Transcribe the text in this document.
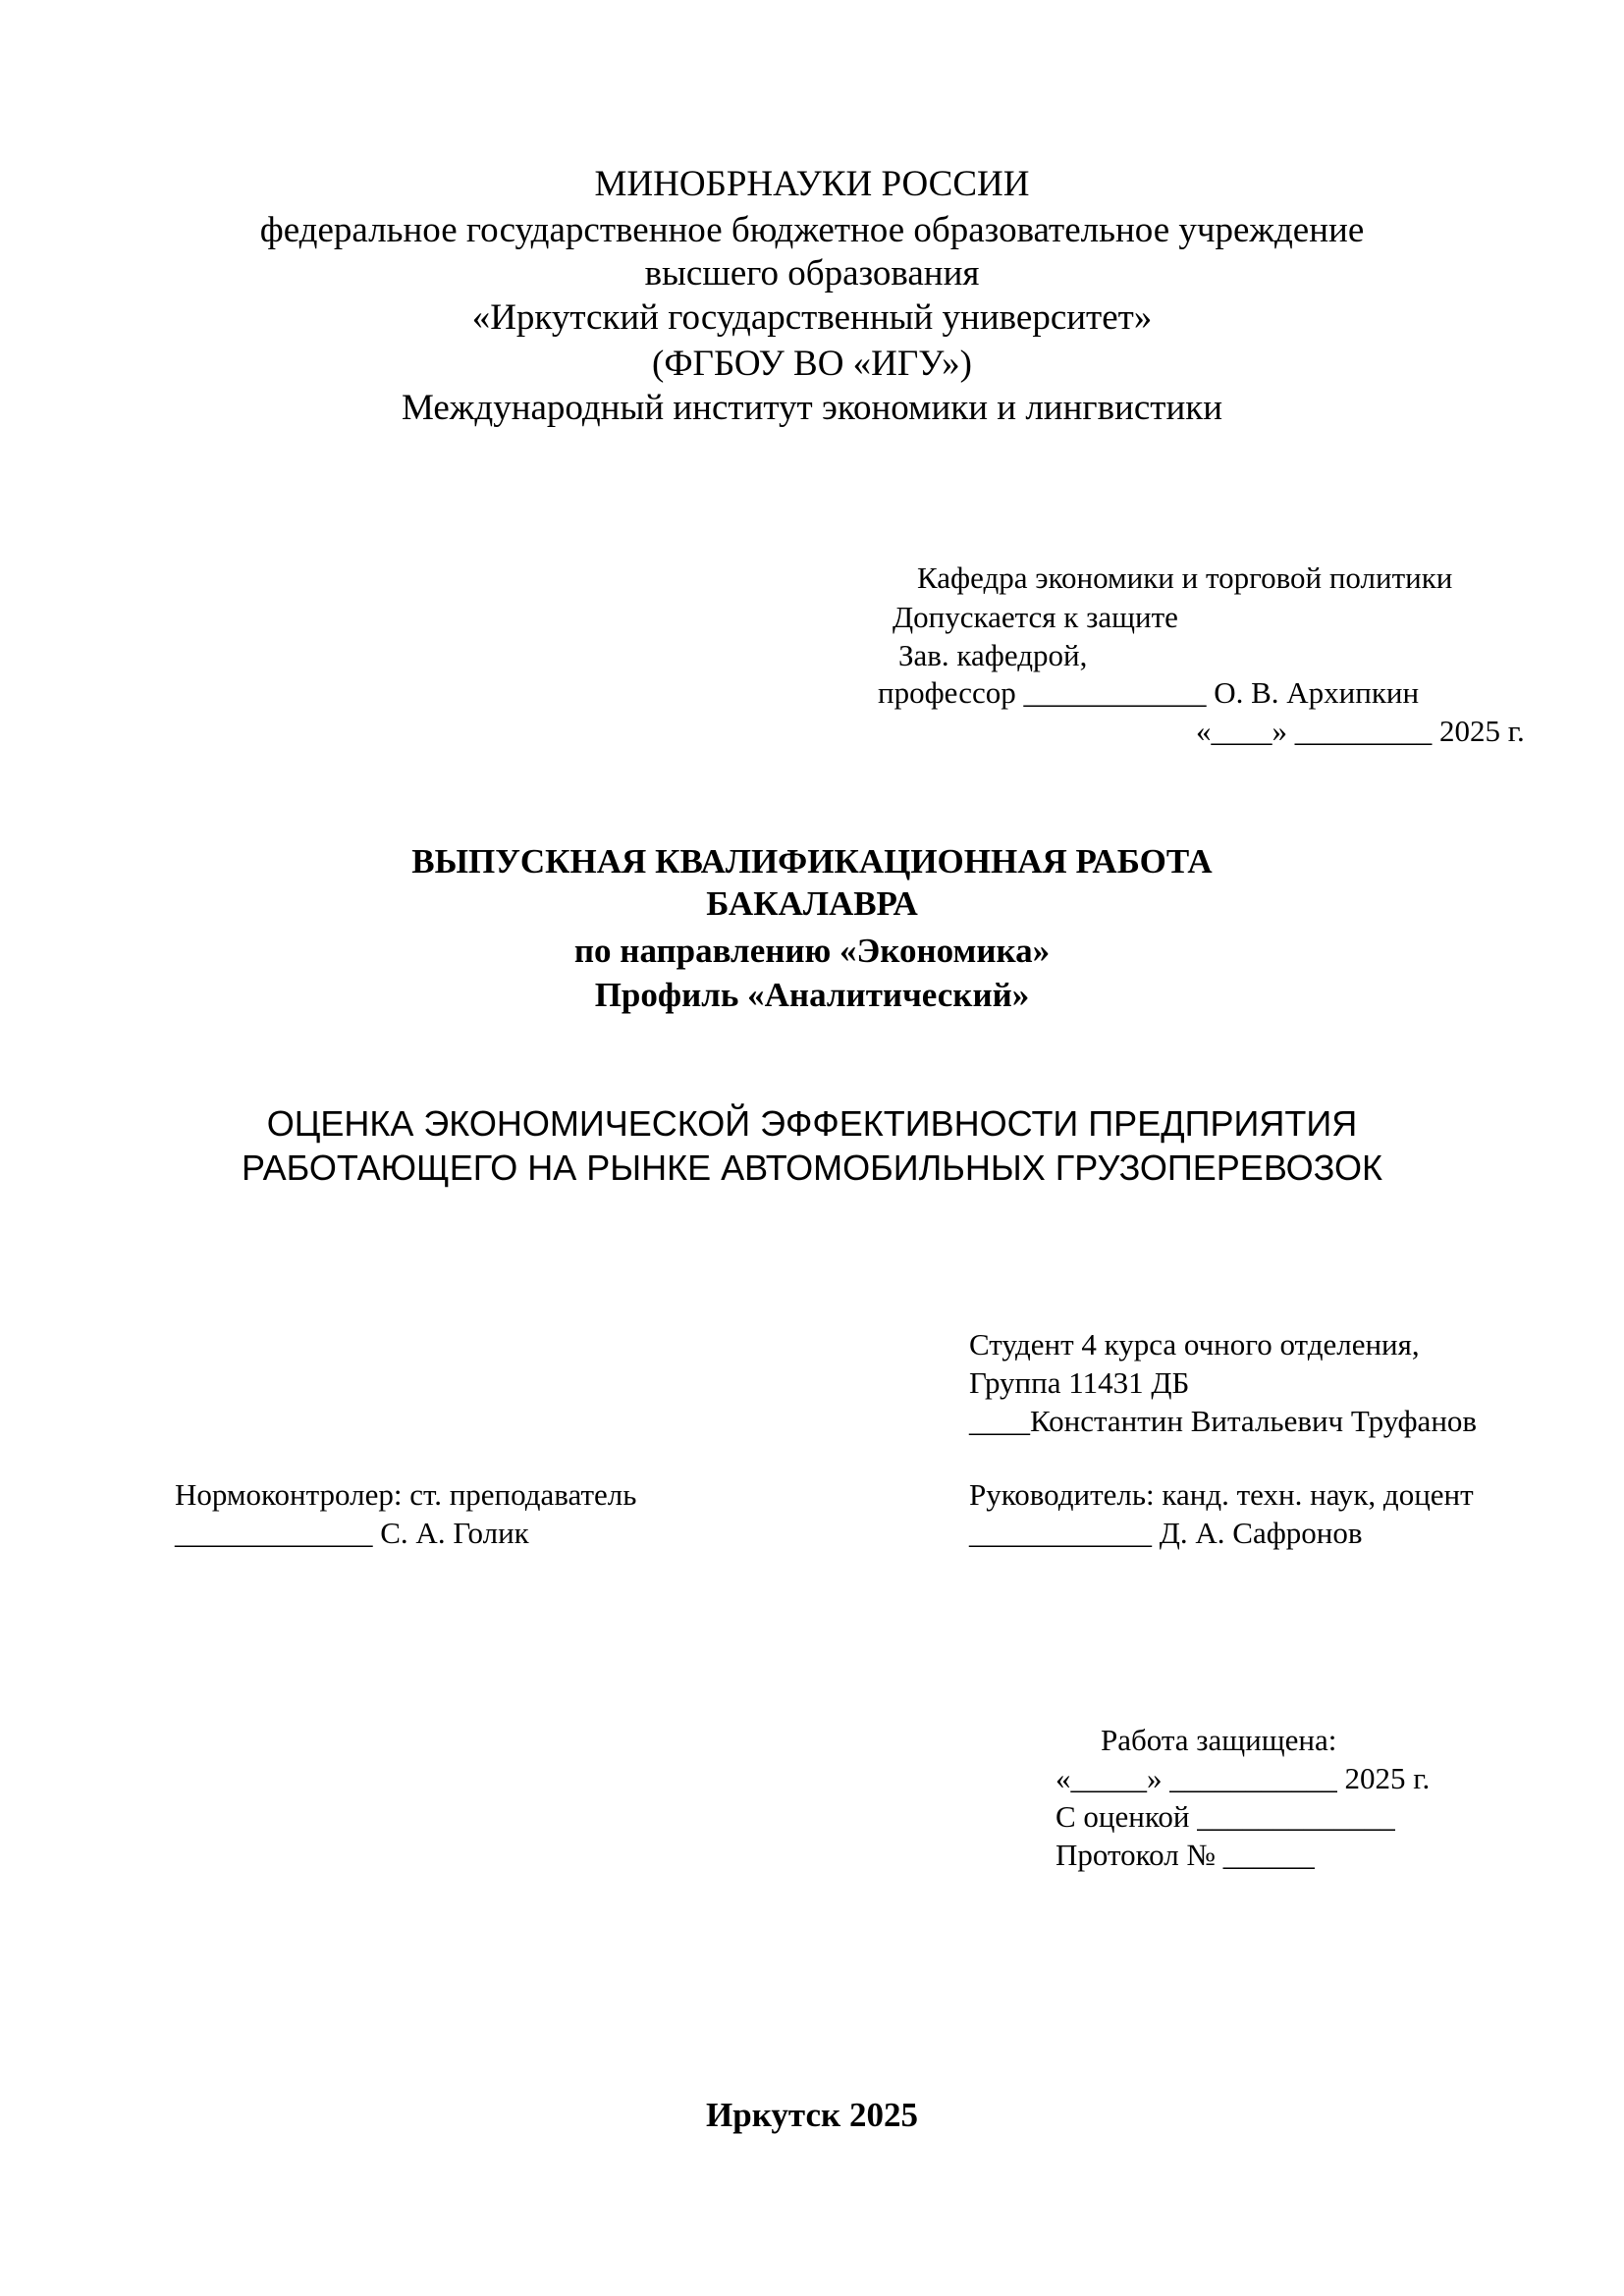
МИНОБРНАУКИ РОССИИ
федеральное государственное бюджетное образовательное учреждение
высшего образования
«Иркутский государственный университет»
(ФГБОУ ВО «ИГУ»)
Международный институт экономики и лингвистики
Кафедра экономики и торговой политики
Допускается к защите
Зав. кафедрой,
профессор ____________ О. В. Архипкин
«____» _________ 2025 г.
ВЫПУСКНАЯ КВАЛИФИКАЦИОННАЯ РАБОТА
БАКАЛАВРА
по направлению «Экономика»
Профиль «Аналитический»
ОЦЕНКА ЭКОНОМИЧЕСКОЙ ЭФФЕКТИВНОСТИ ПРЕДПРИЯТИЯ
РАБОТАЮЩЕГО НА РЫНКЕ АВТОМОБИЛЬНЫХ ГРУЗОПЕРЕВОЗОК
Студент 4 курса очного отделения,
Группа 11431 ДБ
____Константин Витальевич Труфанов
Нормоконтролер: ст. преподаватель
_____________ С. А. Голик
Руководитель: канд. техн. наук, доцент
____________ Д. А. Сафронов
Работа защищена:
«_____» ___________ 2025 г.
С оценкой _____________
Протокол № ______
Иркутск 2025
